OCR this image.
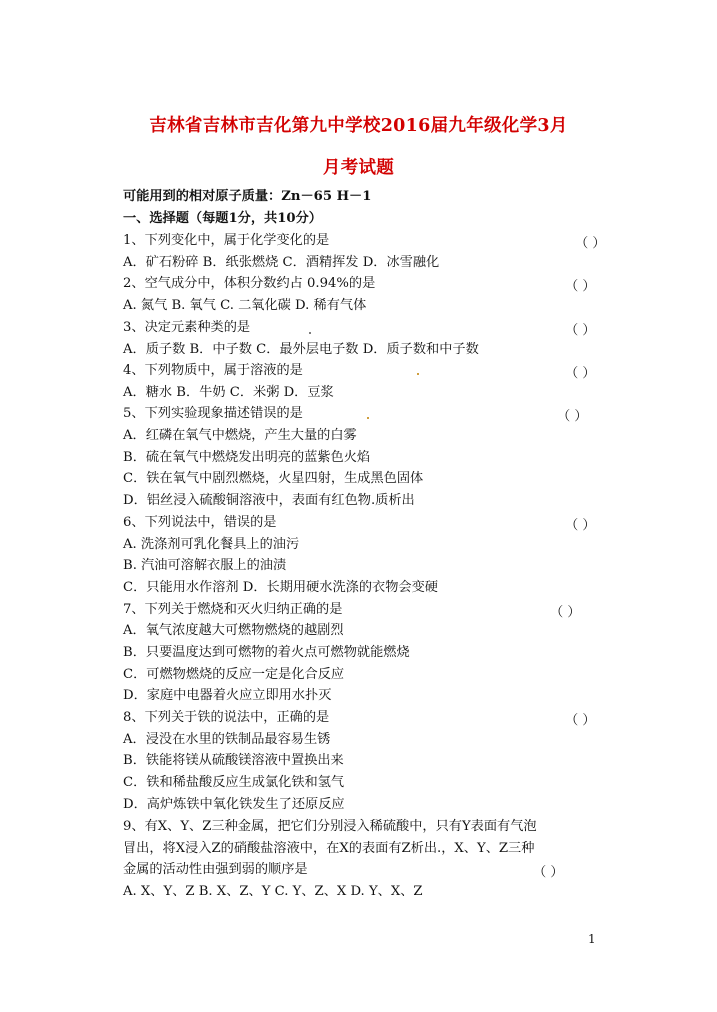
吉林省吉林市吉化第九中学校2016届九年级化学3月
月考试题
可能用到的相对原子质量：Zn－65 H－1
一、选择题（每题1分，共10分）
1、下列变化中，属于化学变化的是	（ ）
A．矿石粉碎 B．纸张燃烧 C．酒精挥发 D．冰雪融化
2、空气成分中，体积分数约占 0.94%的是	（ ）
A. 氮气 B. 氧气 C. 二氧化碳 D. 稀有气体
3、决定元素种类的是	（ ）
A．质子数 B．中子数 C．最外层电子数 D．质子数和中子数
4、下列物质中，属于溶液的是	（ ）
A．糖水 B．牛奶 C．米粥 D．豆浆
5、下列实验现象描述错误的是	（ ）
A．红磷在氧气中燃烧，产生大量的白雾
B．硫在氧气中燃烧发出明亮的蓝紫色火焰
C．铁在氧气中剧烈燃烧，火星四射，生成黑色固体
D．铝丝浸入硫酸铜溶液中，表面有红色物.质析出
6、下列说法中，错误的是	（ ）
A. 洗涤剂可乳化餐具上的油污
B. 汽油可溶解衣服上的油渍
C．只能用水作溶剂 D．长期用硬水洗涤的衣物会变硬
7、下列关于燃烧和灭火归纳正确的是	（ ）
A．氧气浓度越大可燃物燃烧的越剧烈
B．只要温度达到可燃物的着火点可燃物就能燃烧
C．可燃物燃烧的反应一定是化合反应
D．家庭中电器着火应立即用水扑灭
8、下列关于铁的说法中，正确的是	（ ）
A．浸没在水里的铁制品最容易生锈
B．铁能将镁从硫酸镁溶液中置换出来
C．铁和稀盐酸反应生成氯化铁和氢气
D．高炉炼铁中氧化铁发生了还原反应
9、有X、Y、Z三种金属，把它们分别浸入稀硫酸中，只有Y表面有气泡
冒出，将X浸入Z的硝酸盐溶液中，在X的表面有Z析出.，X、Y、Z三种
金属的活动性由强到弱的顺序是	（ ）
A. X、Y、Z B. X、Z、Y C. Y、Z、X D. Y、X、Z
1
